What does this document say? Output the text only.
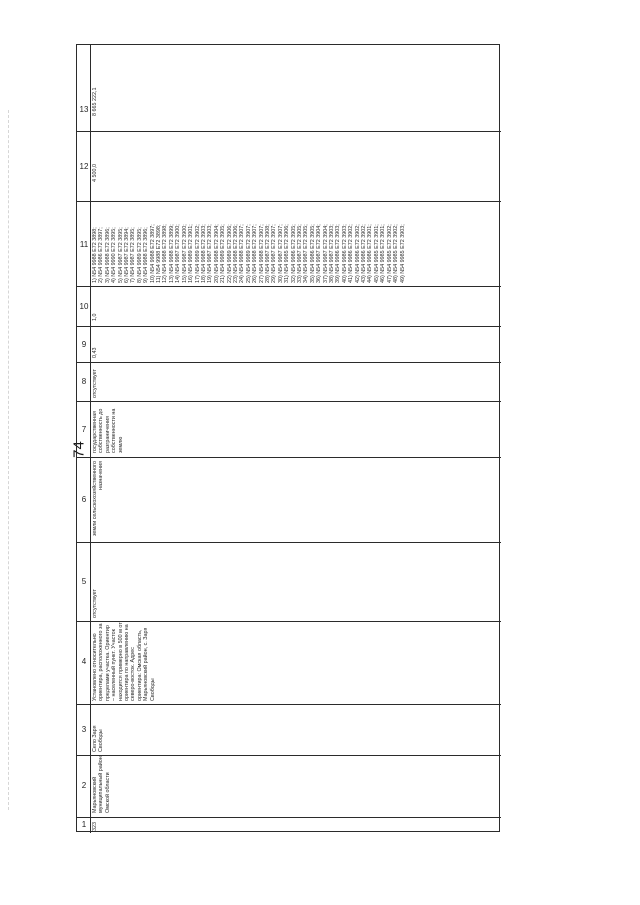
74
13
12
11
10
9
8
7
6
5
4
3
2
1
8 665 222,1
4 500,0
1) N54 9988 E72 3898; 2) N54 9986 E72 3897; 3) N54 9988 E72 3896; 4) N54 9990 E72 3895; 5) N54 9987 E72 3895; 6) N54 9987 E72 3894; 7) N54 9987 E72 3895; 8) N54 9989 E72 3895; 9) N54 9988 E72 3896; 10) N54 9988 E72 3897; 11) N54 9988 E72 3898; 12) N54 9988 E72 3898; 13) N54 9988 E72 3899; 14) N54 9987 E72 3900; 15) N54 9987 E72 3900; 16) N54 9989 E72 3901; 17) N54 9989 E72 3902; 18) N54 9988 E72 3903; 19) N54 9987 E72 3903; 20) N54 9988 E72 3904; 21) N54 9989 E72 3905; 22) N54 9989 E72 3906; 23) N54 9988 E72 3906; 24) N54 9988 E72 3907; 25) N54 9989 E72 3907; 26) N54 9988 E72 3907; 27) N54 9988 E72 3907; 28) N54 9987 E72 3908; 29) N54 9987 E72 3907; 30) N54 9987 E72 3907; 31) N54 9985 E72 3906; 32) N54 9986 E72 3905; 33) N54 9987 E72 3905; 34) N54 9987 E72 3905; 35) N54 9986 E72 3905; 36) N54 9987 E72 3904; 37) N54 9987 E72 3904; 38) N54 9987 E72 3903; 39) N54 9986 E72 3903; 40) N54 9986 E72 3903; 41) N54 9986 E72 3902; 42) N54 9986 E72 3902; 43) N54 9986 E72 3902; 44) N54 9986 E72 3901; 45) N54 9985 E72 3901; 46) N54 9985 E72 3901; 47) N54 9985 E72 3902; 48) N54 9985 E72 3902; 49) N54 9985 E72 3903;
1,0
0,43
отсутствует
государственная собственность до разграничения собственности на землю
земли сельскохозяйственного назначения
отсутствует
Установлено относительно ориентира, расположенного за пределами участка. Ориентир – населенный пункт. Участок находится примерно в 500 м от ориентира по направлению на северо-восток. Адрес ориентира: Омская область, Марьяновский район, с. Заря Свободы
Село Заря Свободы
Марьяновский муниципальный район Омской области
323
